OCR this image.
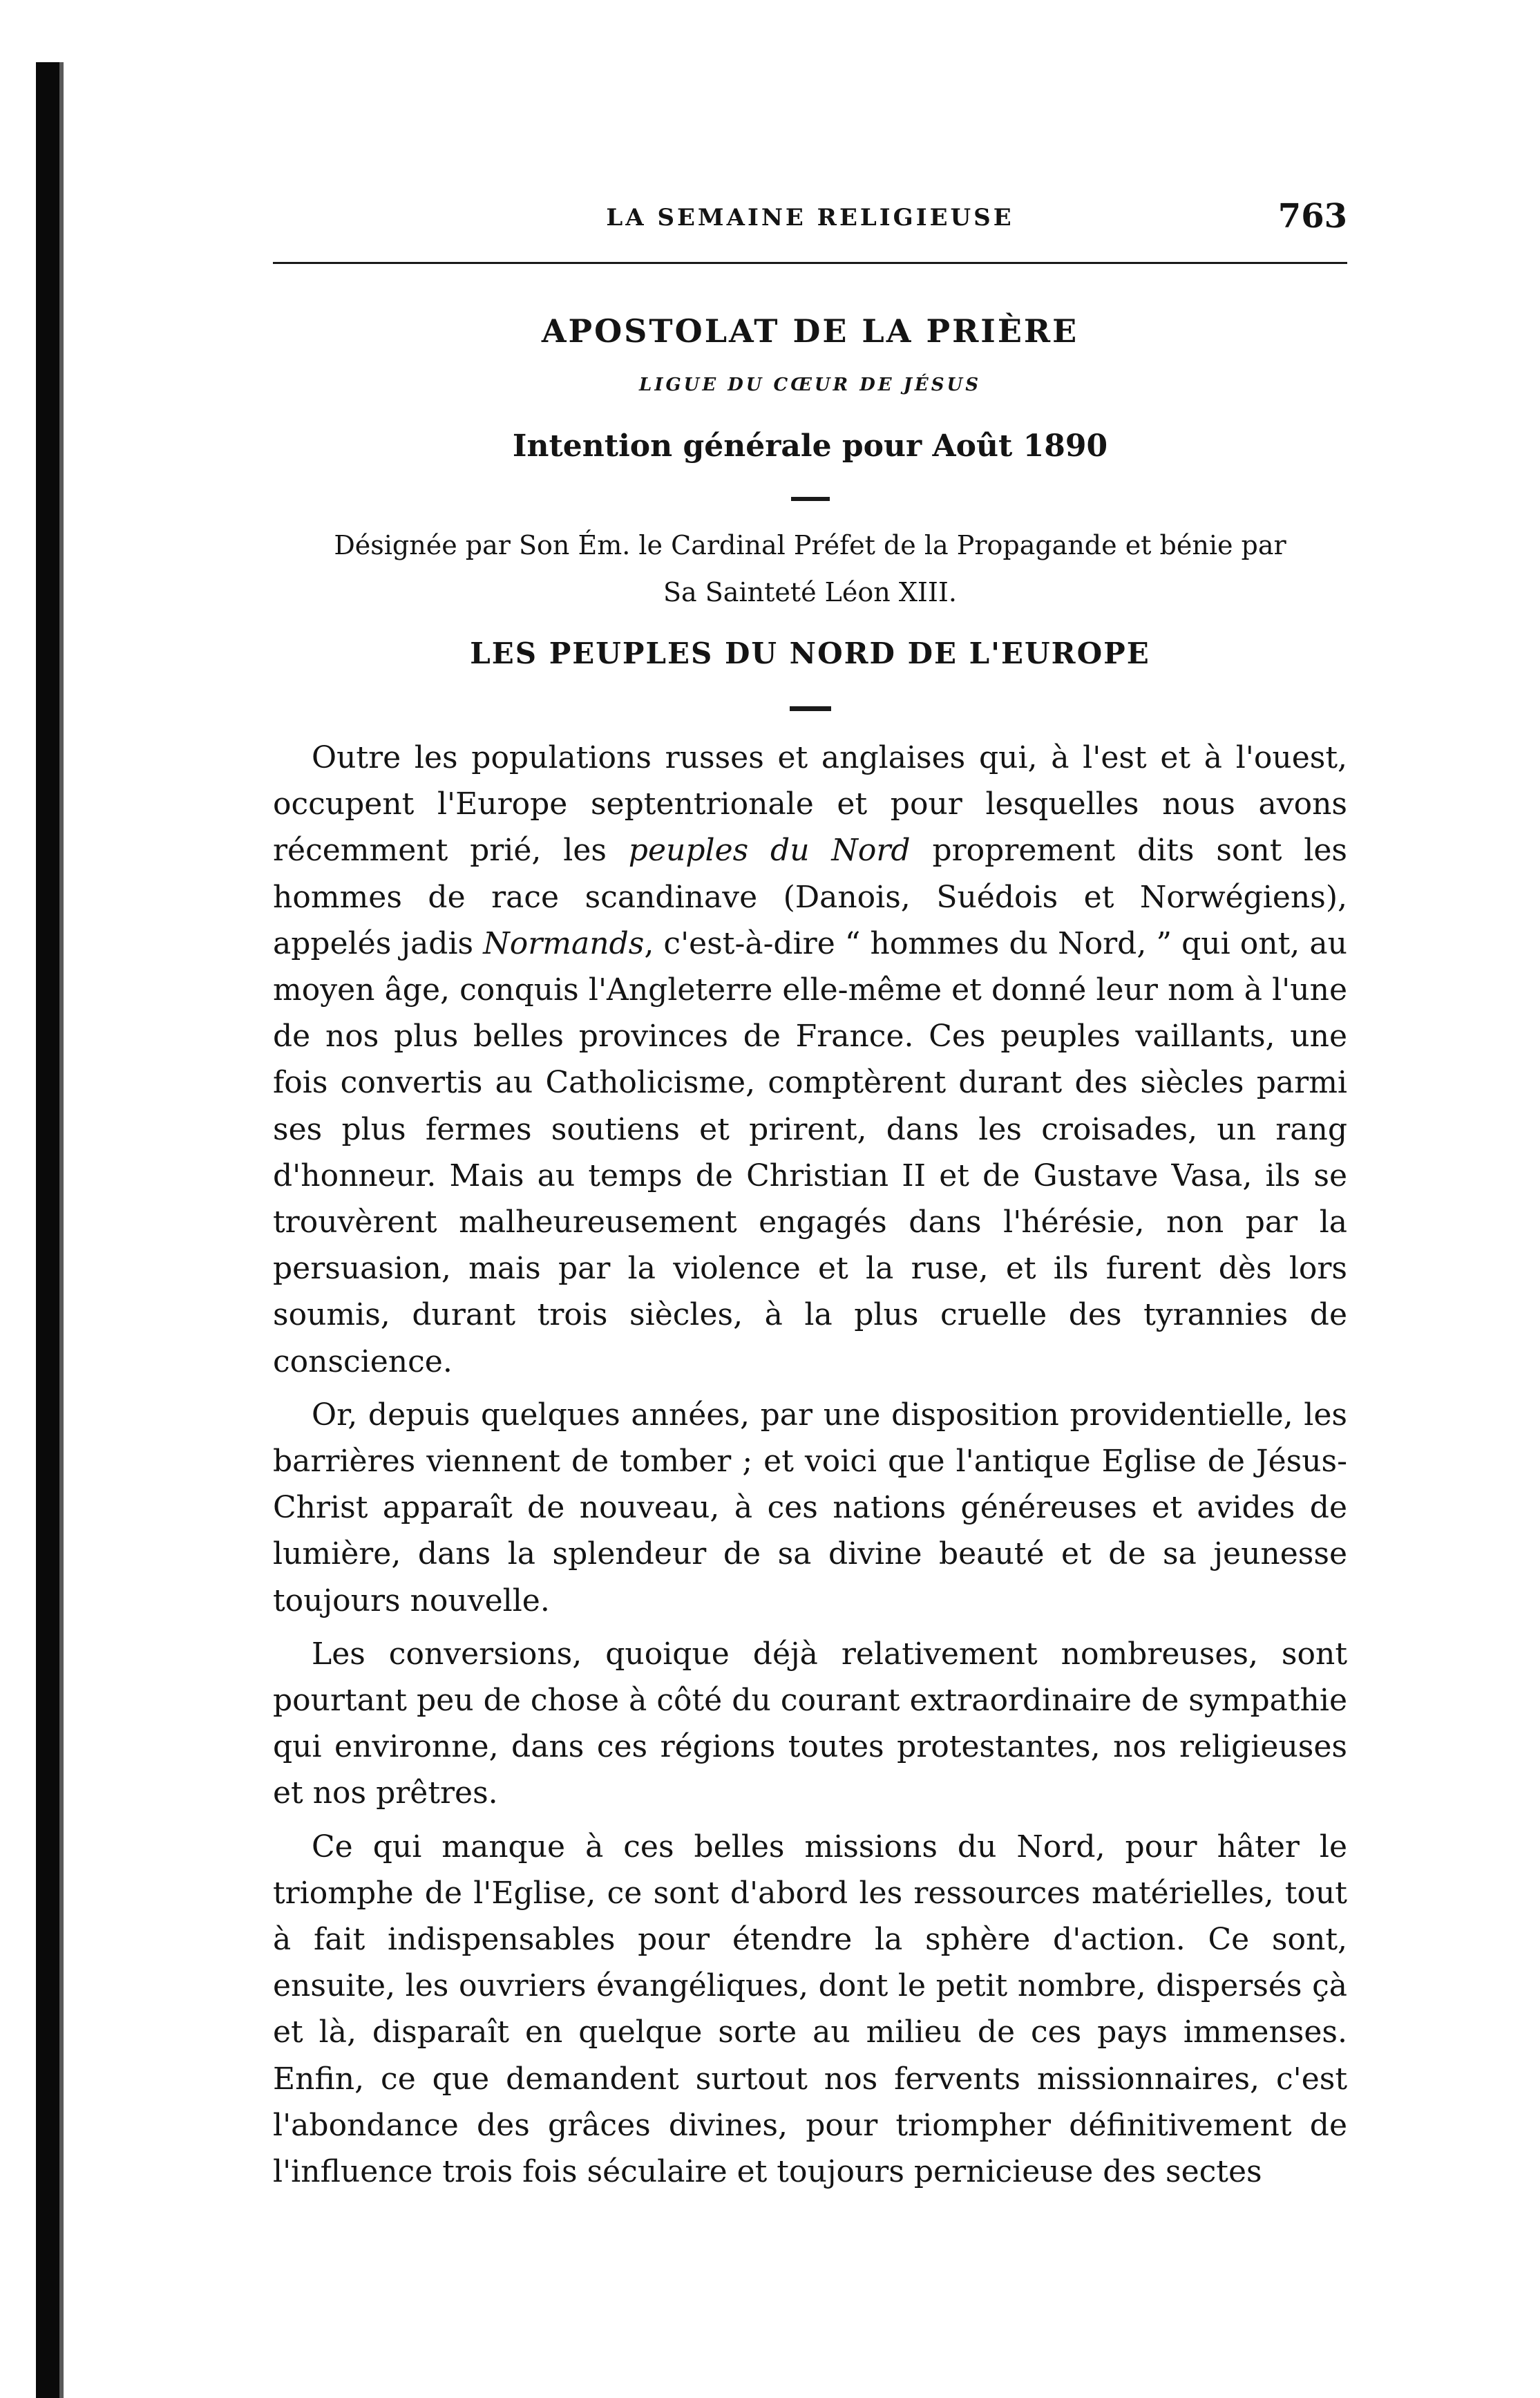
LA SEMAINE RELIGIEUSE	763
APOSTOLAT DE LA PRIÈRE
LIGUE DU CŒUR DE JÉSUS
Intention générale pour Août 1890
Désignée par Son Ém. le Cardinal Préfet de la Propagande et bénie par
Sa Sainteté Léon XIII.
LES PEUPLES DU NORD DE L'EUROPE

Outre les populations russes et anglaises qui, à l'est et à l'ouest, occupent l'Europe septentrionale et pour lesquelles nous avons récemment prié, les peuples du Nord proprement dits sont les hommes de race scandinave (Danois, Suédois et Norwégiens), appelés jadis Normands, c'est-à-dire “ hommes du Nord, ” qui ont, au moyen âge, conquis l'Angleterre elle-même et donné leur nom à l'une de nos plus belles provinces de France. Ces peuples vaillants, une fois convertis au Catholicisme, comptèrent durant des siècles parmi ses plus fermes soutiens et prirent, dans les croisades, un rang d'honneur. Mais au temps de Christian II et de Gustave Vasa, ils se trouvèrent malheureusement engagés dans l'hérésie, non par la persuasion, mais par la violence et la ruse, et ils furent dès lors soumis, durant trois siècles, à la plus cruelle des tyrannies de conscience.

Or, depuis quelques années, par une disposition providentielle, les barrières viennent de tomber ; et voici que l'antique Eglise de Jésus-Christ apparaît de nouveau, à ces nations généreuses et avides de lumière, dans la splendeur de sa divine beauté et de sa jeunesse toujours nouvelle.

Les conversions, quoique déjà relativement nombreuses, sont pourtant peu de chose à côté du courant extraordinaire de sympathie qui environne, dans ces régions toutes protestantes, nos religieuses et nos prêtres.

Ce qui manque à ces belles missions du Nord, pour hâter le triomphe de l'Eglise, ce sont d'abord les ressources matérielles, tout à fait indispensables pour étendre la sphère d'action. Ce sont, ensuite, les ouvriers évangéliques, dont le petit nombre, dispersés çà et là, disparaît en quelque sorte au milieu de ces pays immenses. Enfin, ce que demandent surtout nos fervents missionnaires, c'est l'abondance des grâces divines, pour triompher définitivement de l'influence trois fois séculaire et toujours pernicieuse des sectes
